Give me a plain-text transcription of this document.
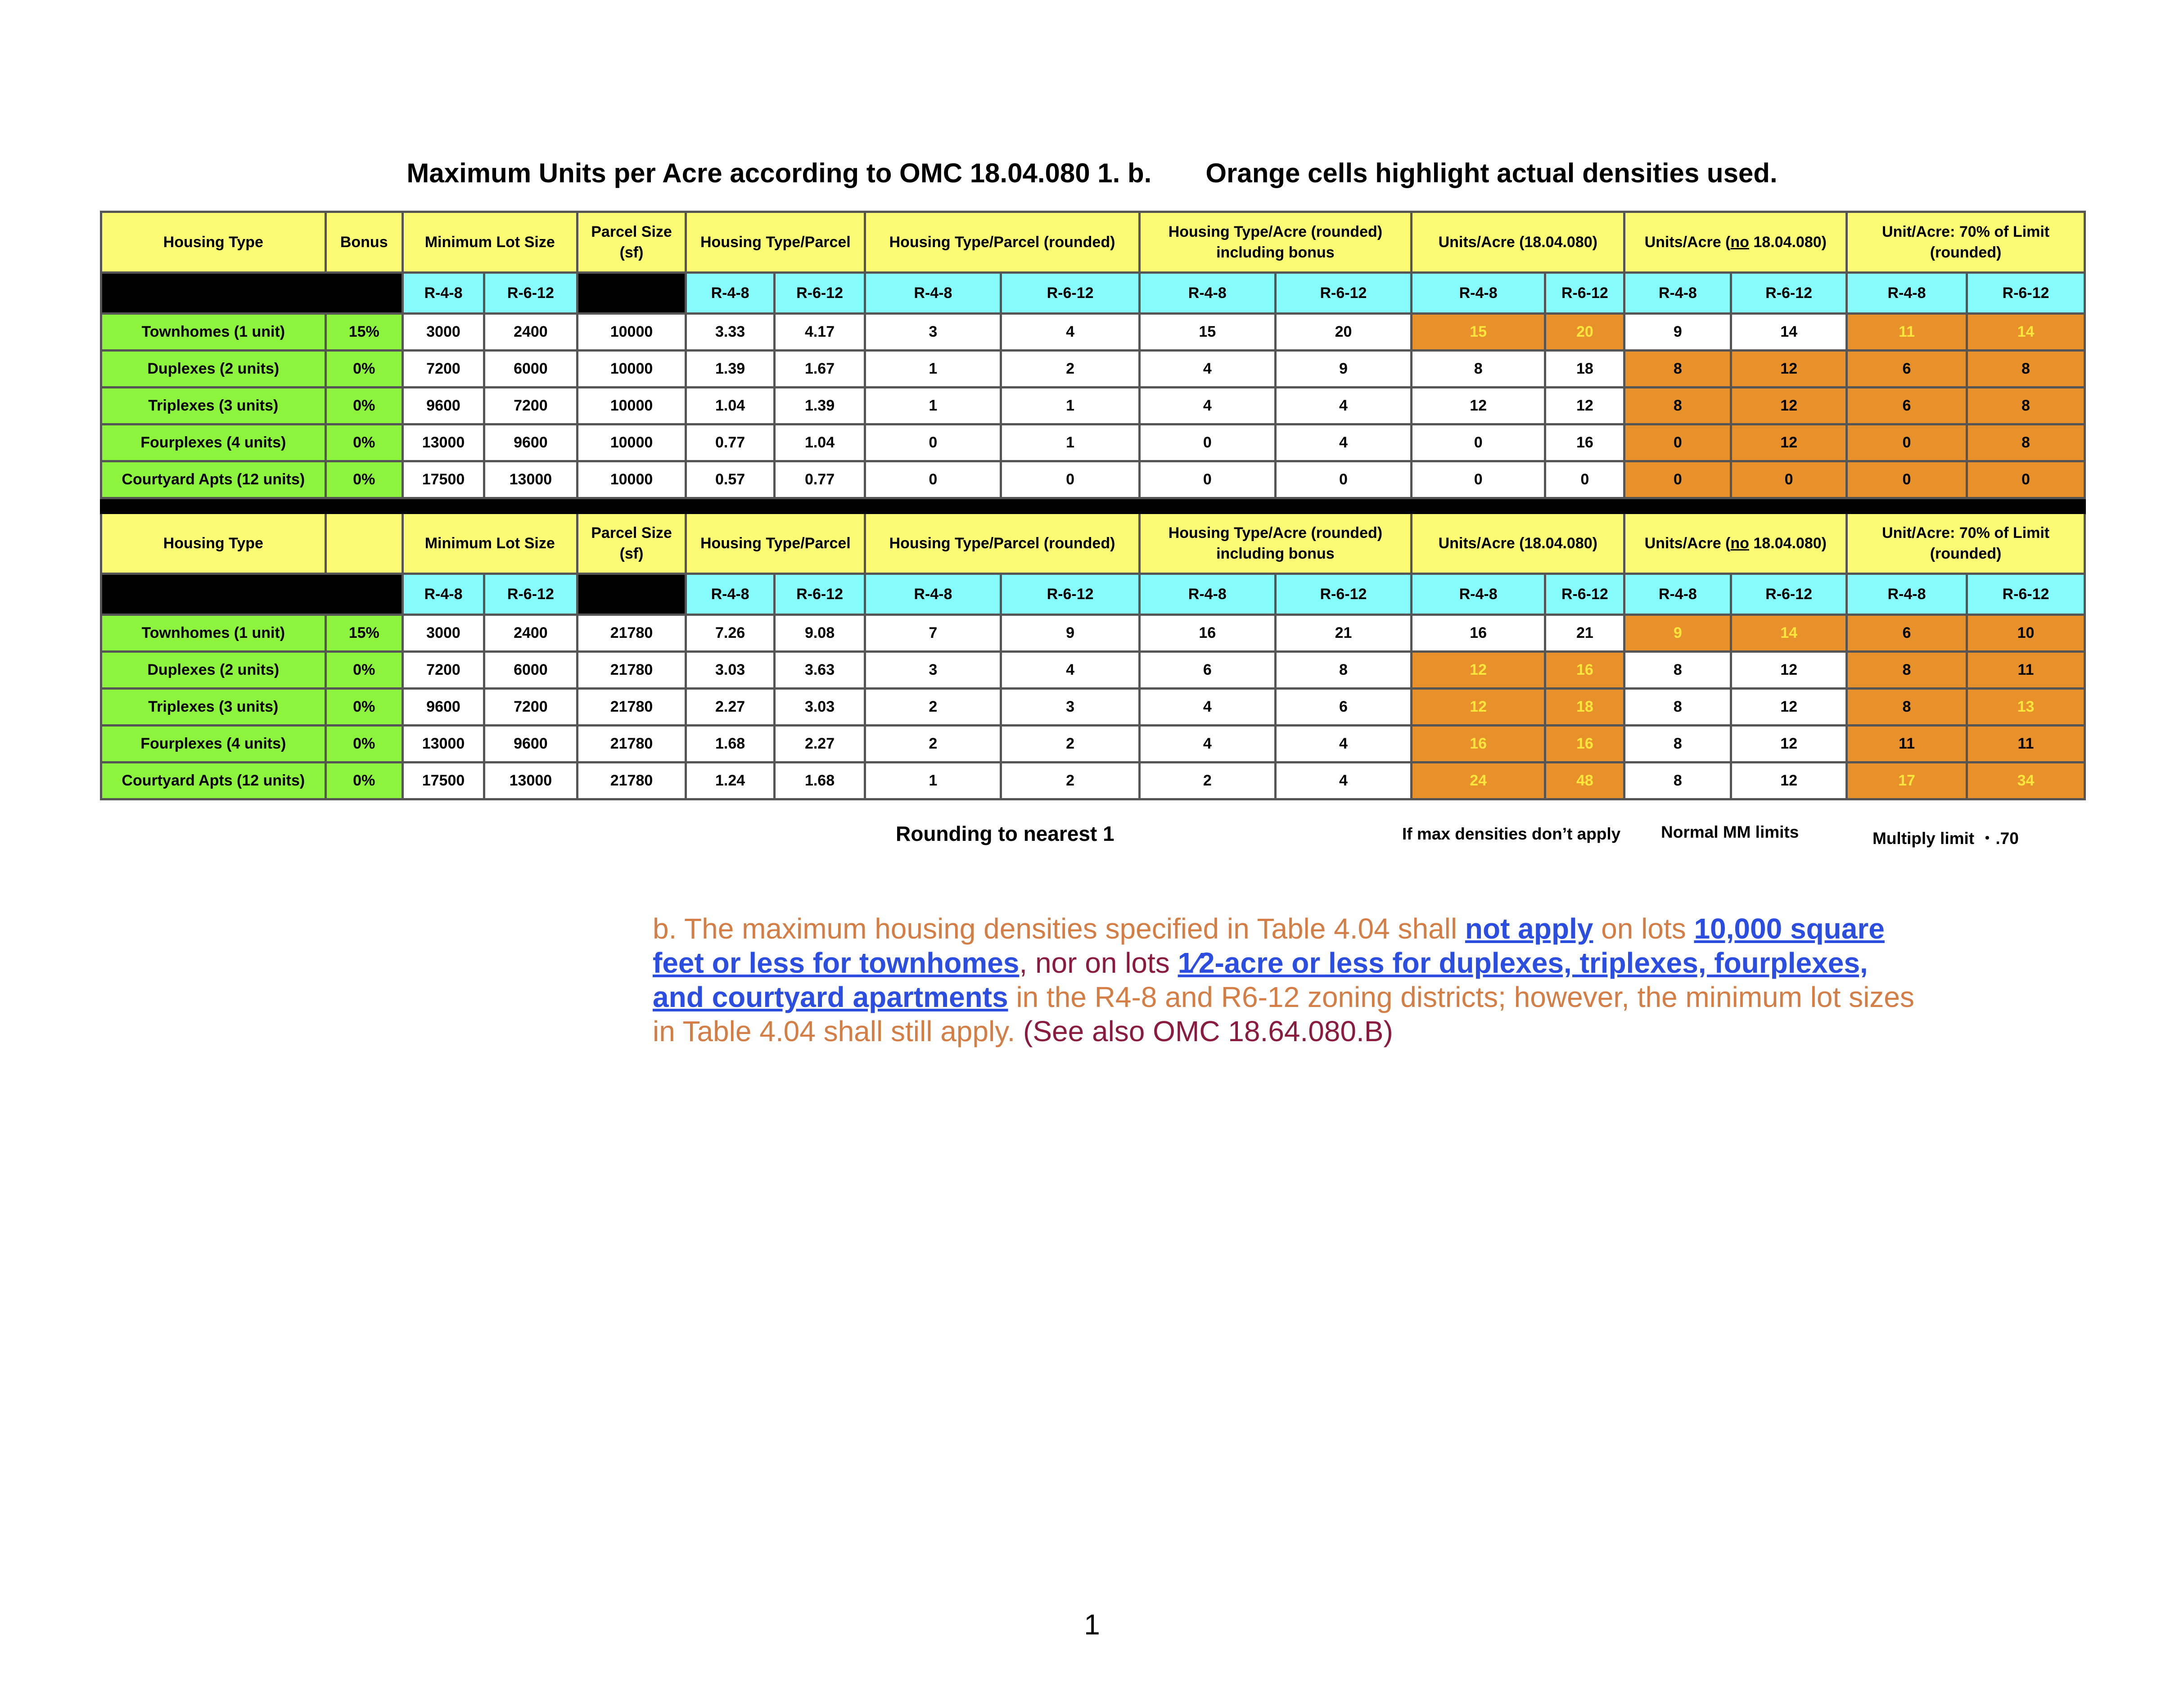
Maximum Units per Acre according to OMC 18.04.080 1. b. Orange cells highlight actual densities used.
Housing Type	Bonus	Minimum Lot Size		Parcel Size (sf)	Housing Type/Parcel		Housing Type/Parcel (rounded)		Housing Type/Acre (rounded) including bonus		Units/Acre (18.04.080)		Units/Acre (no 18.04.080)		Unit/Acre: 70% of Limit (rounded)	
		R-4-8	R-6-12		R-4-8	R-6-12	R-4-8	R-6-12	R-4-8	R-6-12	R-4-8	R-6-12	R-4-8	R-6-12	R-4-8	R-6-12
Townhomes (1 unit)	15%	3000	2400	10000	3.33	4.17	3	4	15	20	15	20	9	14	11	14
Duplexes (2 units)	0%	7200	6000	10000	1.39	1.67	1	2	4	9	8	18	8	12	6	8
Triplexes (3 units)	0%	9600	7200	10000	1.04	1.39	1	1	4	4	12	12	8	12	6	8
Fourplexes (4 units)	0%	13000	9600	10000	0.77	1.04	0	1	0	4	0	16	0	12	0	8
Courtyard Apts (12 units)	0%	17500	13000	10000	0.57	0.77	0	0	0	0	0	0	0	0	0	0

Housing Type		Minimum Lot Size		Parcel Size (sf)	Housing Type/Parcel		Housing Type/Parcel (rounded)		Housing Type/Acre (rounded) including bonus		Units/Acre (18.04.080)		Units/Acre (no 18.04.080)		Unit/Acre: 70% of Limit (rounded)	
		R-4-8	R-6-12		R-4-8	R-6-12	R-4-8	R-6-12	R-4-8	R-6-12	R-4-8	R-6-12	R-4-8	R-6-12	R-4-8	R-6-12
Townhomes (1 unit)	15%	3000	2400	21780	7.26	9.08	7	9	16	21	16	21	9	14	6	10
Duplexes (2 units)	0%	7200	6000	21780	3.03	3.63	3	4	6	8	12	16	8	12	8	11
Triplexes (3 units)	0%	9600	7200	21780	2.27	3.03	2	3	4	6	12	18	8	12	8	13
Fourplexes (4 units)	0%	13000	9600	21780	1.68	2.27	2	2	4	4	16	16	8	12	11	11
Courtyard Apts (12 units)	0%	17500	13000	21780	1.24	1.68	1	2	2	4	24	48	8	12	17	34
Rounding to nearest 1	If max densities don’t apply Normal MM limits	Multiply limit ・.70
b. The maximum housing densities specified in Table 4.04 shall not apply on lots 10,000 square feet or less for townhomes, nor on lots 1⁄2-acre or less for duplexes, triplexes, fourplexes, and courtyard apartments in the R4-8 and R6-12 zoning districts; however, the minimum lot sizes in Table 4.04 shall still apply. (See also OMC 18.64.080.B)
1
